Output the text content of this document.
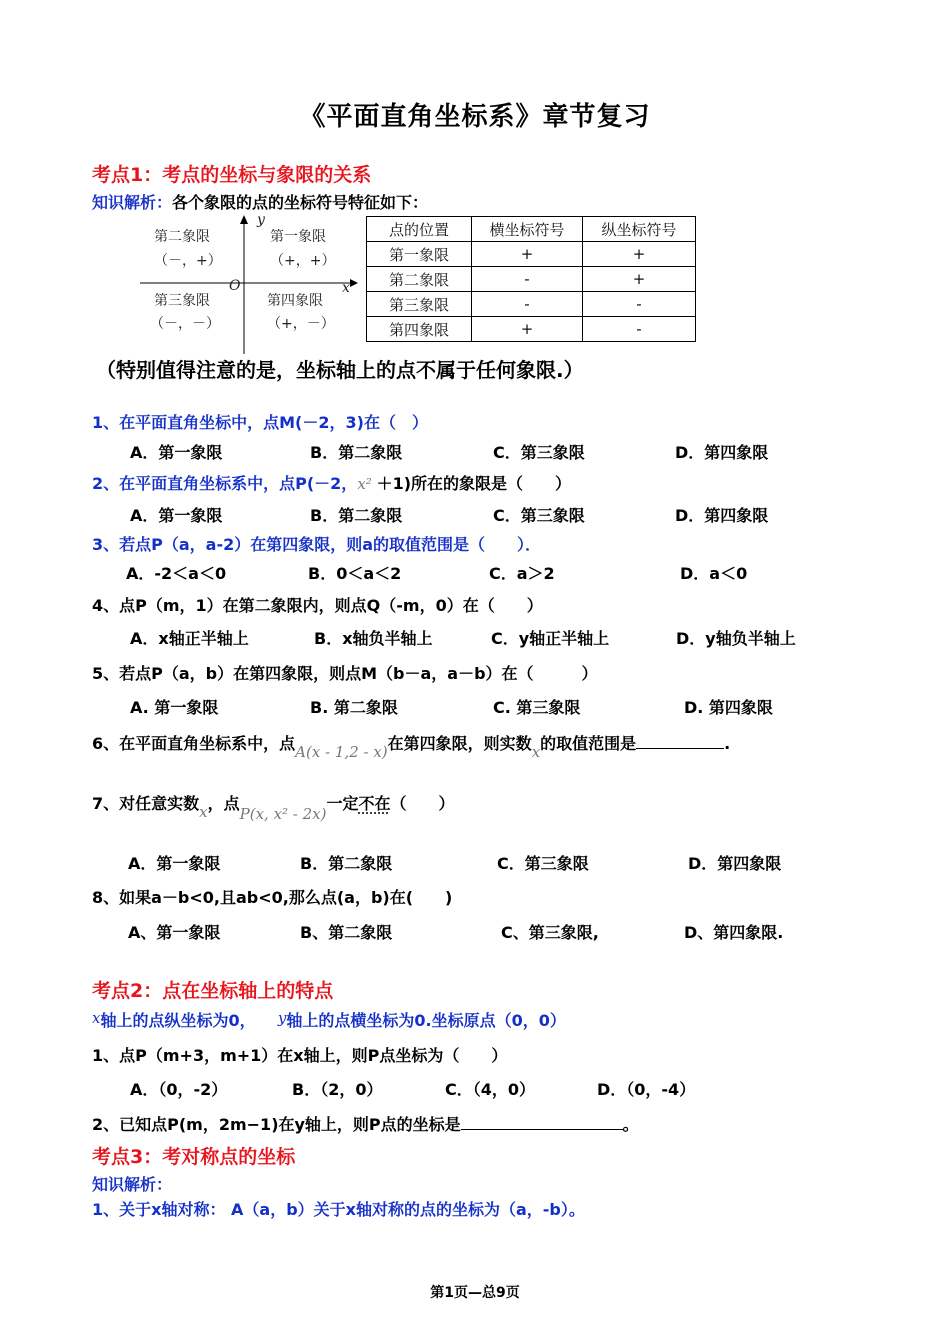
《平面直角坐标系》章节复习
考点1：考点的坐标与象限的关系
知识解析：各个象限的点的坐标符号特征如下：
第二象限
（－，+）
第一象限
（+，+）
第三象限
（－，－）
第四象限
（+，－）
y
x
O
点的位置	横坐标符号	纵坐标符号
第一象限	+	+
第二象限	-	+
第三象限	-	-
第四象限	+	-
（特别值得注意的是，坐标轴上的点不属于任何象限.）
1、在平面直角坐标中，点M(－2，3)在（　）
A．第一象限	B．第二象限	C．第三象限	D．第四象限
2、在平面直角坐标系中，点P(－2，x² ＋1)所在的象限是（　　）
A．第一象限	B．第二象限	C．第三象限	D．第四象限
3、若点P（a，a-2）在第四象限，则a的取值范围是（　　）．
A．-2＜a＜0	B．0＜a＜2	C．a＞2	D．a＜0
4、点P（m，1）在第二象限内，则点Q（-m，0）在（　　）
A．x轴正半轴上	B．x轴负半轴上	C．y轴正半轴上	D．y轴负半轴上
5、若点P（a，b）在第四象限，则点M（b－a，a－b）在（　　　）
A. 第一象限	B. 第二象限	C. 第三象限	D. 第四象限
6、在平面直角坐标系中，点A(x - 1,2 - x)在第四象限，则实数x的取值范围是	.
7、对任意实数x，点P(x, x² - 2x)一定不在（　　）
A．第一象限	B．第二象限	C．第三象限	D．第四象限
8、如果a－b<0,且ab<0,那么点(a，b)在(　　)
A、第一象限	B、第二象限	C、第三象限,	D、第四象限.
考点2：点在坐标轴上的特点
x轴上的点纵坐标为0， y轴上的点横坐标为0.坐标原点（0，0）
1、点P（m+3，m+1）在x轴上，则P点坐标为（　　）
A．（0，-2）	B．（2，0）	C．（4，0）	D．（0，-4）
2、已知点P(m，2m−1)在y轴上，则P点的坐标是	。
考点3：考对称点的坐标
知识解析：
1、关于x轴对称： A（a，b）关于x轴对称的点的坐标为（a，-b）。
第1页—总9页
